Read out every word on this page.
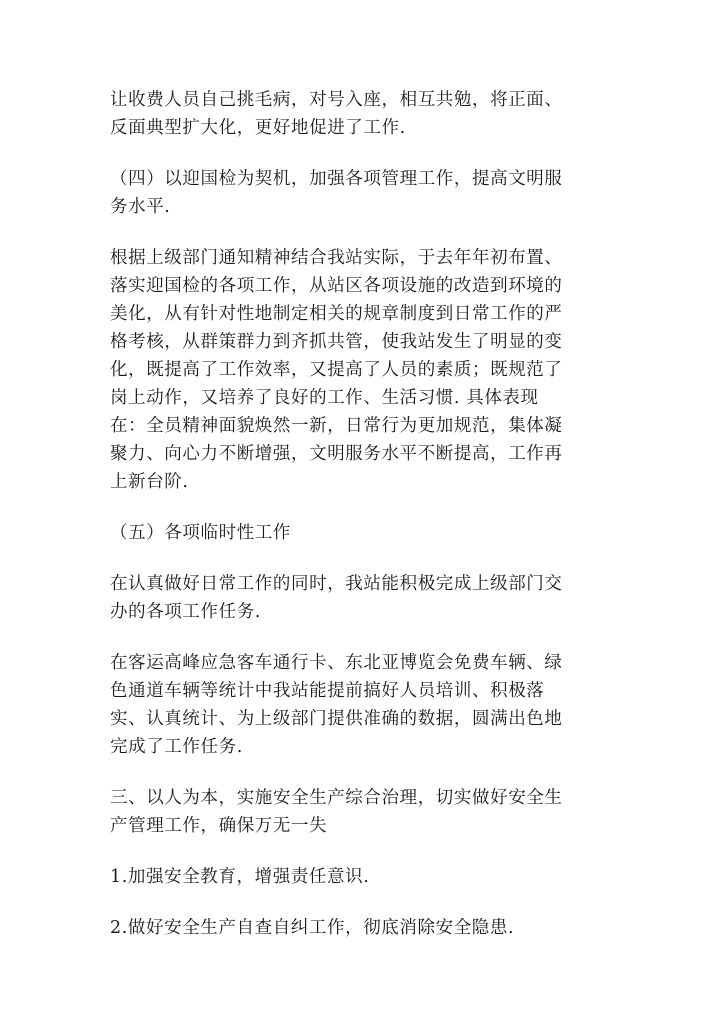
让收费人员自己挑毛病，对号入座，相互共勉，将正面、
反面典型扩大化，更好地促进了工作.

（四）以迎国检为契机，加强各项管理工作，提高文明服
务水平.

根据上级部门通知精神结合我站实际，于去年年初布置、
落实迎国检的各项工作，从站区各项设施的改造到环境的
美化，从有针对性地制定相关的规章制度到日常工作的严
格考核，从群策群力到齐抓共管，使我站发生了明显的变
化，既提高了工作效率，又提高了人员的素质；既规范了
岗上动作，又培养了良好的工作、生活习惯. 具体表现
在：全员精神面貌焕然一新，日常行为更加规范，集体凝
聚力、向心力不断增强，文明服务水平不断提高，工作再
上新台阶.

（五）各项临时性工作

在认真做好日常工作的同时，我站能积极完成上级部门交
办的各项工作任务.

在客运高峰应急客车通行卡、东北亚博览会免费车辆、绿
色通道车辆等统计中我站能提前搞好人员培训、积极落
实、认真统计、为上级部门提供准确的数据，圆满出色地
完成了工作任务.

三、以人为本，实施安全生产综合治理，切实做好安全生
产管理工作，确保万无一失

1.加强安全教育，增强责任意识.

2.做好安全生产自查自纠工作，彻底消除安全隐患.
